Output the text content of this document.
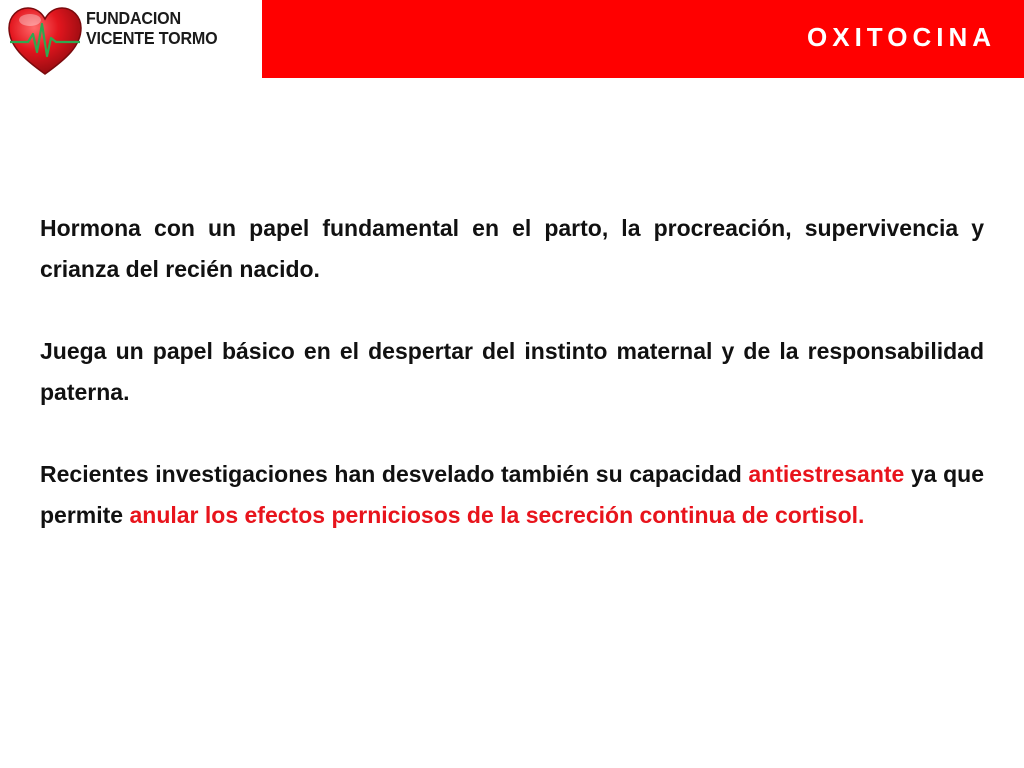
FUNDACION
VICENTE TORMO	OXITOCINA

Hormona con un papel fundamental en el parto, la procreación, supervivencia y crianza del recién nacido.

Juega un papel básico en el despertar del instinto maternal y de la responsabilidad paterna.

Recientes investigaciones han desvelado también su capacidad antiestresante ya que permite anular los efectos perniciosos de la secreción continua de cortisol.
